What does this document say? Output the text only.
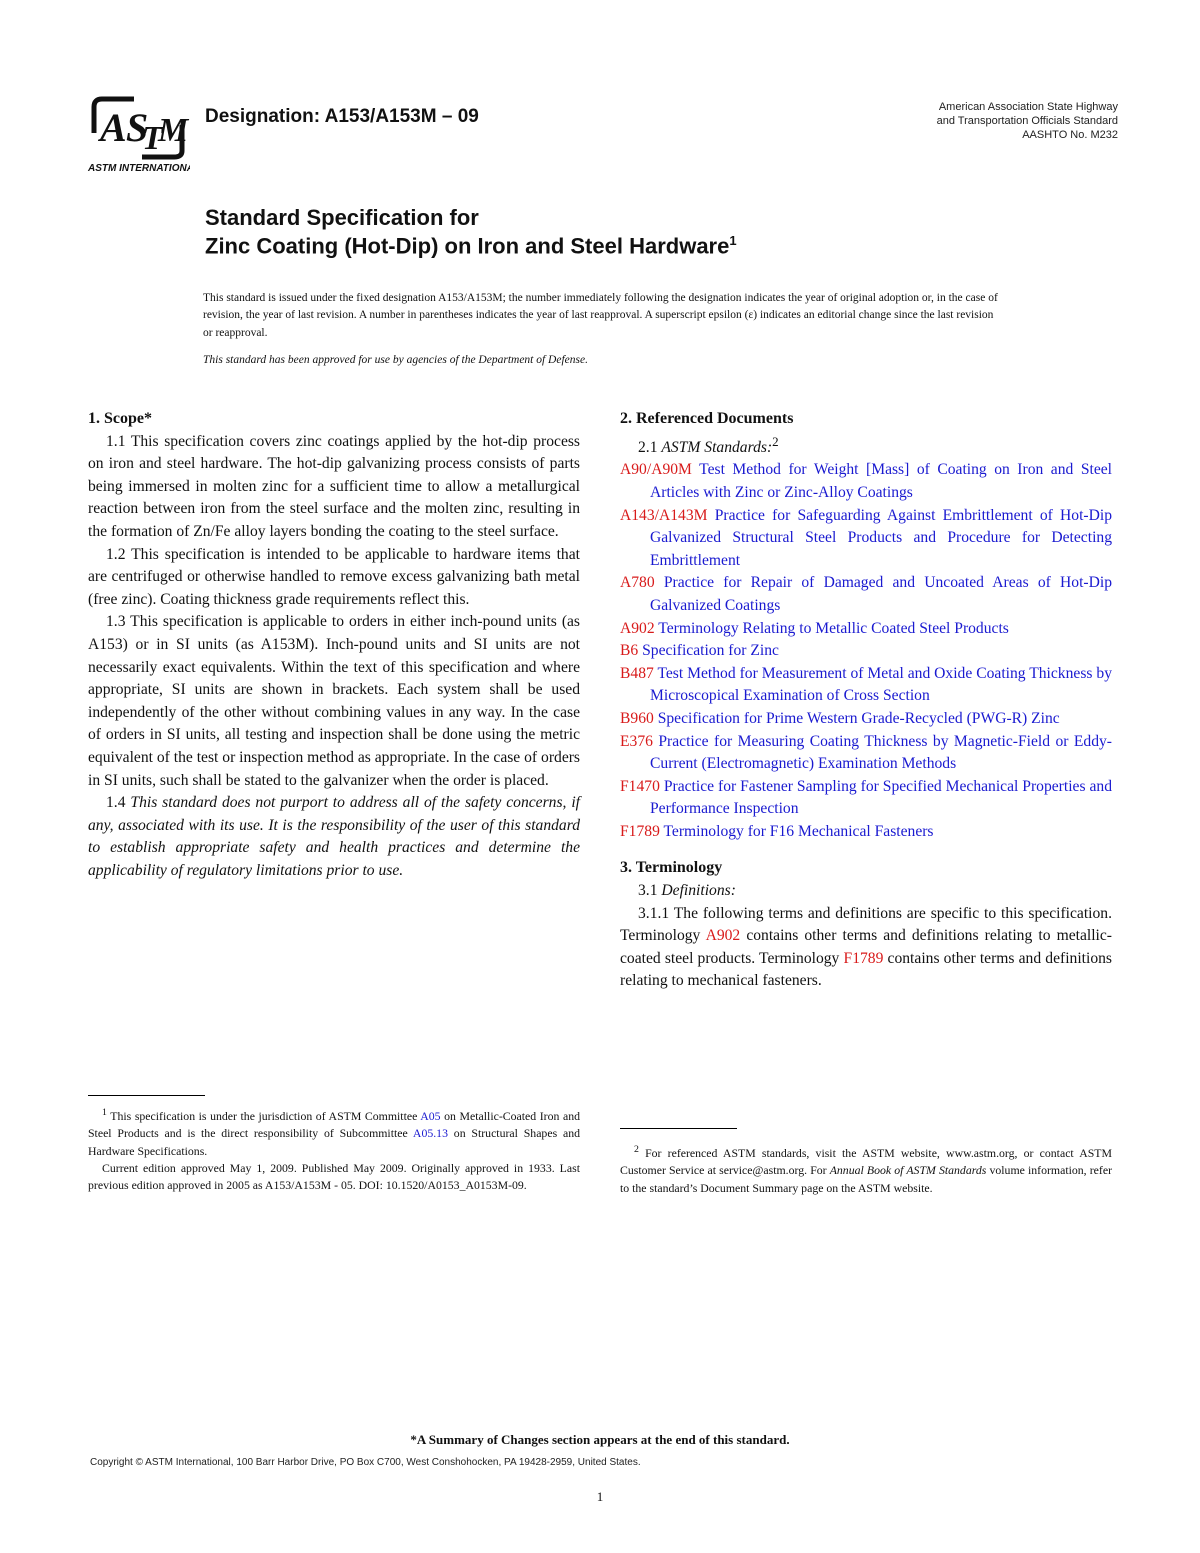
A S
T
M
ASTM INTERNATIONAL
Designation: A153/A153M – 09	American Association State Highway
and Transportation Officials Standard
AASHTO No. M232
Standard Specification for
Zinc Coating (Hot-Dip) on Iron and Steel Hardware$^1$

This standard is issued under the fixed designation A153/A153M; the number immediately following the designation indicates the year of original adoption or, in the case of revision, the year of last revision. A number in parentheses indicates the year of last reapproval. A superscript epsilon (ε) indicates an editorial change since the last revision or reapproval.

This standard has been approved for use by agencies of the Department of Defense.

1. Scope*

1.1 This specification covers zinc coatings applied by the hot-dip process on iron and steel hardware. The hot-dip galvanizing process consists of parts being immersed in molten zinc for a sufficient time to allow a metallurgical reaction between iron from the steel surface and the molten zinc, resulting in the formation of Zn/Fe alloy layers bonding the coating to the steel surface.

1.2 This specification is intended to be applicable to hardware items that are centrifuged or otherwise handled to remove excess galvanizing bath metal (free zinc). Coating thickness grade requirements reflect this.

1.3 This specification is applicable to orders in either inch-pound units (as A153) or in SI units (as A153M). Inch-pound units and SI units are not necessarily exact equivalents. Within the text of this specification and where appropriate, SI units are shown in brackets. Each system shall be used independently of the other without combining values in any way. In the case of orders in SI units, all testing and inspection shall be done using the metric equivalent of the test or inspection method as appropriate. In the case of orders in SI units, such shall be stated to the galvanizer when the order is placed.

1.4 This standard does not purport to address all of the safety concerns, if any, associated with its use. It is the responsibility of the user of this standard to establish appropriate safety and health practices and determine the applicability of regulatory limitations prior to use.

2. Referenced Documents

2.1 ASTM Standards:$^2$

A90/A90M Test Method for Weight [Mass] of Coating on Iron and Steel Articles with Zinc or Zinc-Alloy Coatings

A143/A143M Practice for Safeguarding Against Embrittlement of Hot-Dip Galvanized Structural Steel Products and Procedure for Detecting Embrittlement

A780 Practice for Repair of Damaged and Uncoated Areas of Hot-Dip Galvanized Coatings

A902 Terminology Relating to Metallic Coated Steel Products

B6 Specification for Zinc

B487 Test Method for Measurement of Metal and Oxide Coating Thickness by Microscopical Examination of Cross Section

B960 Specification for Prime Western Grade-Recycled (PWG-R) Zinc

E376 Practice for Measuring Coating Thickness by Magnetic-Field or Eddy-Current (Electromagnetic) Examination Methods

F1470 Practice for Fastener Sampling for Specified Mechanical Properties and Performance Inspection

F1789 Terminology for F16 Mechanical Fasteners

3. Terminology

3.1 Definitions:

3.1.1 The following terms and definitions are specific to this specification. Terminology A902 contains other terms and definitions relating to metallic-coated steel products. Terminology F1789 contains other terms and definitions relating to mechanical fasteners.

$^1$ This specification is under the jurisdiction of ASTM Committee A05 on Metallic-Coated Iron and Steel Products and is the direct responsibility of Subcommittee A05.13 on Structural Shapes and Hardware Specifications.

Current edition approved May 1, 2009. Published May 2009. Originally approved in 1933. Last previous edition approved in 2005 as A153/A153M - 05. DOI: 10.1520/A0153_A0153M-09.

$^2$ For referenced ASTM standards, visit the ASTM website, www.astm.org, or contact ASTM Customer Service at service@astm.org. For Annual Book of ASTM Standards volume information, refer to the standard’s Document Summary page on the ASTM website.

*A Summary of Changes section appears at the end of this standard.
Copyright © ASTM International, 100 Barr Harbor Drive, PO Box C700, West Conshohocken, PA 19428-2959, United States.
1
